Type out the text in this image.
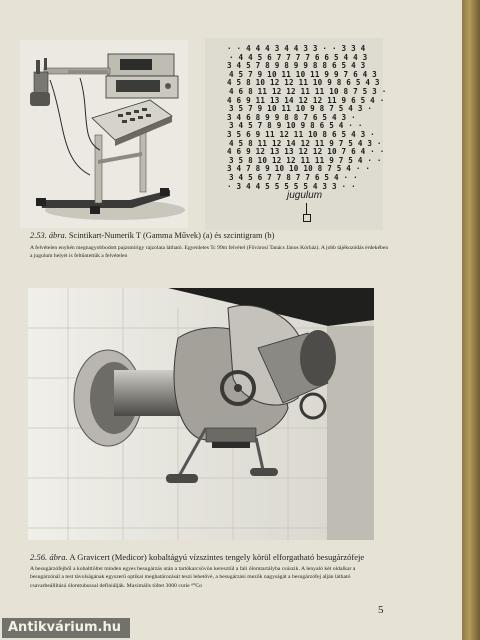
· · 4 4 4 3 4 4 3 3 · · 3 3 4
· 4 4 5 6 7 7 7 7 6 6 5 4 4 3
3 4 5 7 8 9 8 9 9 8 8 6 5 4 3
4 5 7 9 10 11 10 11 9 9 7 6 4 3
4 5 8 10 12 12 11 10 9 8 6 5 4 3
4 6 8 11 12 12 11 11 10 8 7 5 3 ·
4 6 9 11 13 14 12 12 11 9 6 5 4 ·
3 5 7 9 10 11 10 9 8 7 5 4 3 ·
3 4 6 8 9 9 8 8 7 6 5 4 3 ·
3 4 5 7 8 9 10 9 8 6 5 4 · ·
3 5 6 9 11 12 11 10 8 6 5 4 3 ·
4 5 8 11 12 14 12 11 9 7 5 4 3 ·
4 6 9 12 13 13 12 12 10 7 6 4 · ·
3 5 8 10 12 12 11 11 9 7 5 4 · ·
3 4 7 8 9 10 10 10 8 7 5 4 · ·
3 4 5 6 7 7 8 7 7 6 5 4 · ·
· 3 4 4 5 5 5 5 5 4 3 3 · ·
jugulum
2.53. ábra. Scintikart-Numerik T (Gamma Művek) (a) és szcintigram (b)
A felvételen enyhén megnagyobbodott pajzsmirigy rajzolata látható. Egyenletes Tc 99m felvétel (Fővárosi Tanács János Kórház). A jobb tájékozódás érdekében a jugulum helyét is feltüntettük a felvételen
2.56. ábra. A Gravicert (Medicor) kobaltágyú vízszintes tengely körül elforgatható besugárzófeje
A besugárzófejből a kobalttöltet minden egyes besugárzás után a tartókarcsövön keresztül a fali ólomtartályba csúszik. A lenyaló két oldalkar a besugárzónál a test távolságának egyszerű optikai meghatározását teszi lehetővé, a besugárzási mezők nagyságát a besugárzófej alján látható csavarbeállítású ólomtubussal definiálják. Maximális töltet 3000 curie ⁶⁰Co
5
Antikvárium.hu
